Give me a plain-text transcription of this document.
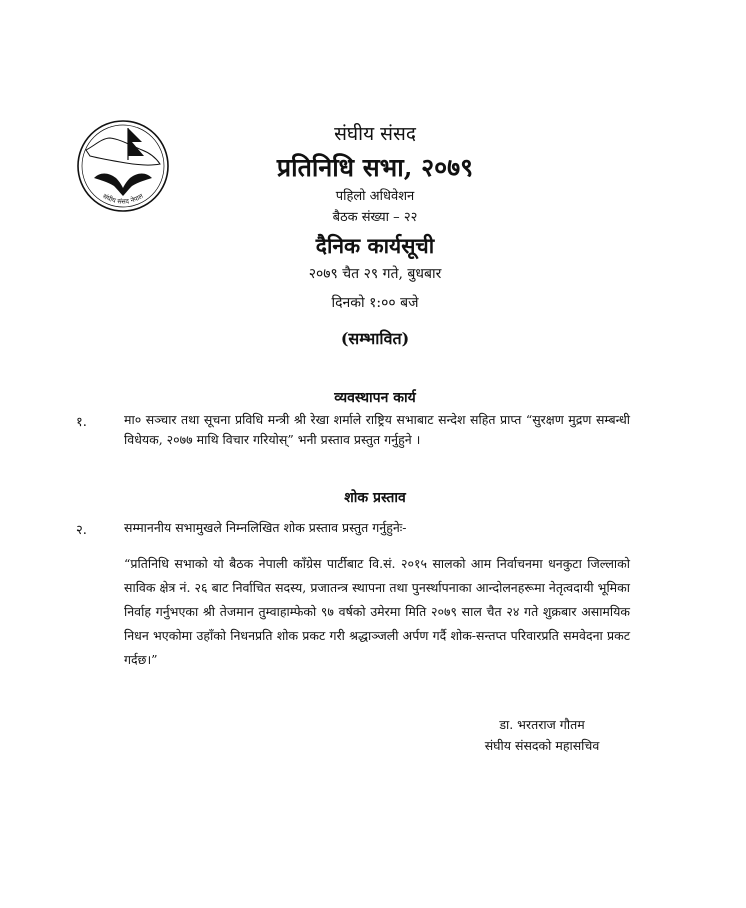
संघीय संसद नेपाल
संघीय संसद
प्रतिनिधि सभा, २०७९
पहिलो अधिवेशन
बैठक संख्या – २२
दैनिक कार्यसूची
२०७९ चैत २९ गते, बुधबार
दिनको १:०० बजे
(सम्भावित)
व्यवस्थापन कार्य
१.	मा० सञ्चार तथा सूचना प्रविधि मन्त्री श्री रेखा शर्माले राष्ट्रिय सभाबाट सन्देश सहित प्राप्त “सुरक्षण मुद्रण सम्बन्धी विधेयक, २०७७ माथि विचार गरियोस्” भनी प्रस्ताव प्रस्तुत गर्नुहुने ।
शोक प्रस्ताव
२.	सम्माननीय सभामुखले निम्नलिखित शोक प्रस्ताव प्रस्तुत गर्नुहुनेः-
“प्रतिनिधि सभाको यो बैठक नेपाली काँग्रेस पार्टीबाट वि.सं. २०१५ सालको आम निर्वाचनमा धनकुटा जिल्लाको साविक क्षेत्र नं. २६ बाट निर्वाचित सदस्य, प्रजातन्त्र स्थापना तथा पुनर्स्थापनाका आन्दोलनहरूमा नेतृत्वदायी भूमिका निर्वाह गर्नुभएका श्री तेजमान तुम्वाहाम्फेको ९७ वर्षको उमेरमा मिति २०७९ साल चैत २४ गते शुक्रबार असामयिक निधन भएकोमा उहाँको निधनप्रति शोक प्रकट गरी श्रद्धाञ्जली अर्पण गर्दै शोक-सन्तप्त परिवारप्रति समवेदना प्रकट गर्दछ।”
डा. भरतराज गौतम
संघीय संसदको महासचिव
